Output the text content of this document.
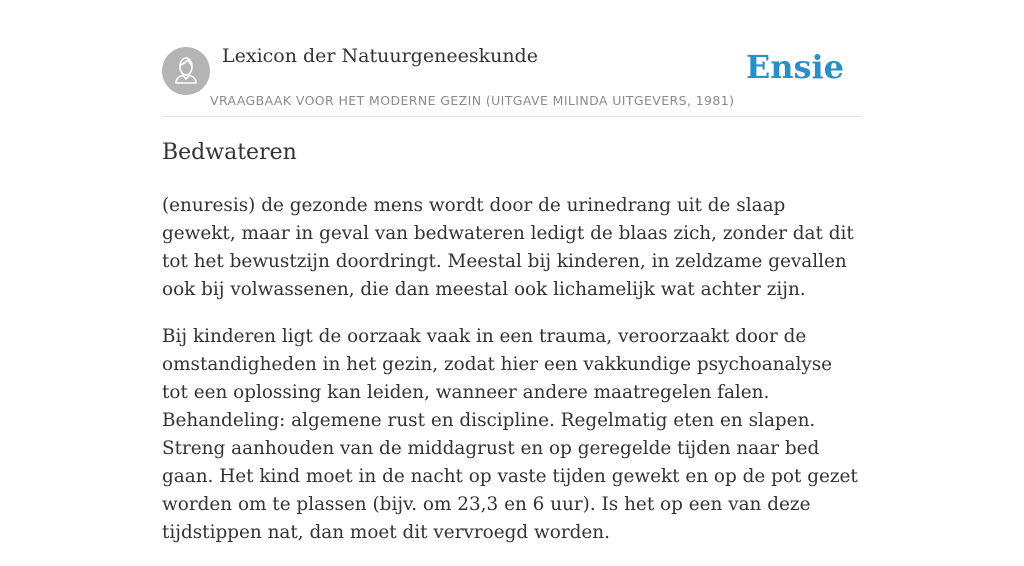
Lexicon der Natuurgeneeskunde
VRAAGBAAK VOOR HET MODERNE GEZIN (UITGAVE MILINDA UITGEVERS, 1981)
Ensie
Bedwateren

(enuresis) de gezonde mens wordt door de urinedrang uit de slaap gewekt, maar in geval van bedwateren ledigt de blaas zich, zonder dat dit tot het bewustzijn doordringt. Meestal bij kinderen, in zeldzame gevallen ook bij volwassenen, die dan meestal ook lichamelijk wat achter zijn.

Bij kinderen ligt de oorzaak vaak in een trauma, veroorzaakt door de omstandigheden in het gezin, zodat hier een vakkundige psychoanalyse tot een oplossing kan leiden, wanneer andere maatregelen falen. Behandeling: algemene rust en discipline. Regelmatig eten en slapen. Streng aanhouden van de middagrust en op geregelde tijden naar bed gaan. Het kind moet in de nacht op vaste tijden gewekt en op de pot gezet worden om te plassen (bijv. om 23,3 en 6 uur). Is het op een van deze tijdstippen nat, dan moet dit vervroegd worden.
